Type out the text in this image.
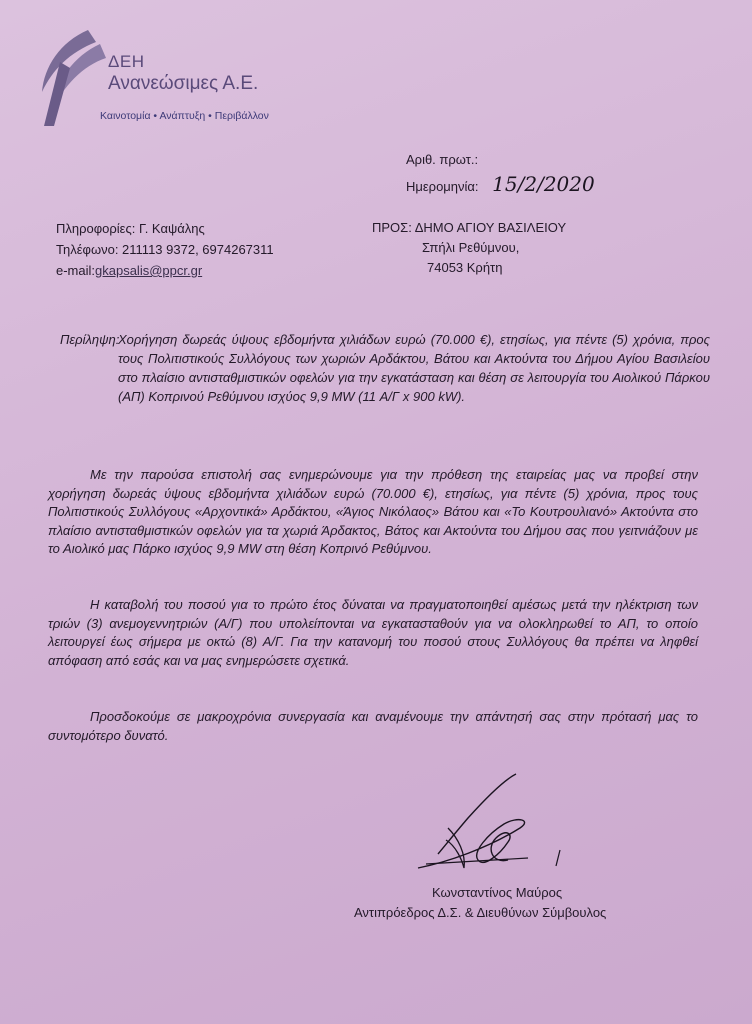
ΔΕΗ
Ανανεώσιμες Α.Ε.
Καινοτομία • Ανάπτυξη • Περιβάλλον
Αριθ. πρωτ.:
Ημερομηνία: 15/2/2020
Πληροφορίες: Γ. Καψάλης
Τηλέφωνο: 211113 9372, 6974267311
e-mail:gkapsalis@ppcr.gr
ΠΡΟΣ: ΔΗΜΟ ΑΓΙΟΥ ΒΑΣΙΛΕΙΟΥ
Σπήλι Ρεθύμνου,
74053 Κρήτη
Περίληψη:
Χορήγηση δωρεάς ύψους εβδομήντα χιλιάδων ευρώ (70.000 €), ετησίως, για πέντε (5) χρόνια, προς τους Πολιτιστικούς Συλλόγους των χωριών Αρδάκτου, Βάτου και Ακτούντα του Δήμου Αγίου Βασιλείου στο πλαίσιο αντισταθμιστικών οφελών για την εγκατάσταση και θέση σε λειτουργία του Αιολικού Πάρκου (ΑΠ) Κοπρινού Ρεθύμνου ισχύος 9,9 MW (11 Α/Γ x 900 kW).
Με την παρούσα επιστολή σας ενημερώνουμε για την πρόθεση της εταιρείας μας να προβεί στην χορήγηση δωρεάς ύψους εβδομήντα χιλιάδων ευρώ (70.000 €), ετησίως, για πέντε (5) χρόνια, προς τους Πολιτιστικούς Συλλόγους «Αρχοντικά» Αρδάκτου, «Άγιος Νικόλαος» Βάτου και «Το Κουτρουλιανό» Ακτούντα στο πλαίσιο αντισταθμιστικών οφελών για τα χωριά Άρδακτος, Βάτος και Ακτούντα του Δήμου σας που γειτνιάζουν με το Αιολικό μας Πάρκο ισχύος 9,9 MW στη θέση Κοπρινό Ρεθύμνου.
Η καταβολή του ποσού για το πρώτο έτος δύναται να πραγματοποιηθεί αμέσως μετά την ηλέκτριση των τριών (3) ανεμογεννητριών (Α/Γ) που υπολείπονται να εγκατασταθούν για να ολοκληρωθεί το ΑΠ, το οποίο λειτουργεί έως σήμερα με οκτώ (8) Α/Γ. Για την κατανομή του ποσού στους Συλλόγους θα πρέπει να ληφθεί απόφαση από εσάς και να μας ενημερώσετε σχετικά.
Προσδοκούμε σε μακροχρόνια συνεργασία και αναμένουμε την απάντησή σας στην πρότασή μας το συντομότερο δυνατό.
Κωνσταντίνος Μαύρος
Αντιπρόεδρος Δ.Σ. & Διευθύνων Σύμβουλος
